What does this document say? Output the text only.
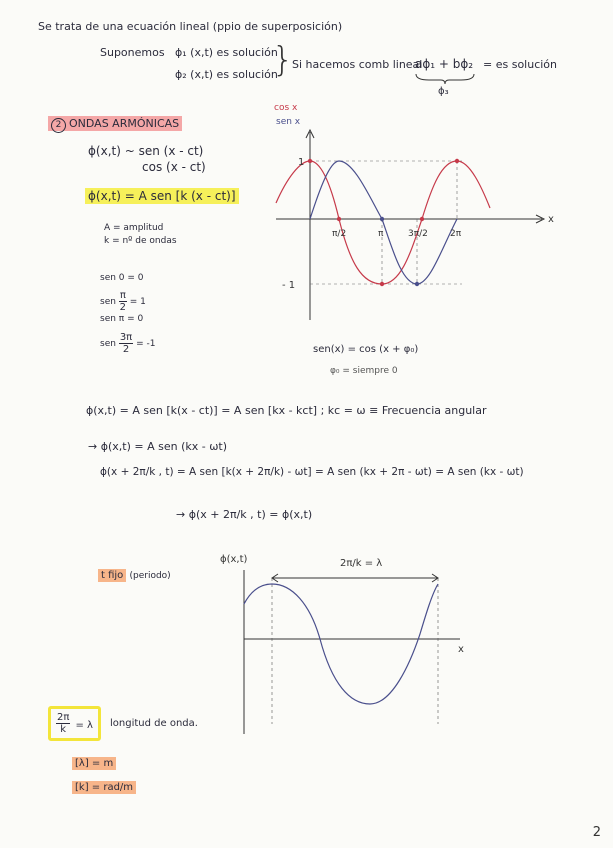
Se trata de una ecuación lineal (ppio de superposición)
Suponemos ϕ₁ (x,t) es solución
ϕ₂ (x,t) es solución
}
Si hacemos comb lineal
aϕ₁ + bϕ₂ = es solución
ϕ₃
2 ONDAS ARMÓNICAS
ϕ(x,t) ~ sen (x - ct)
cos (x - ct)
ϕ(x,t) = A sen [k (x - ct)]
A = amplitud
k = nº de ondas
sen 0 = 0
sen $\frac{\pi}{2} = 1$
sen π = 0
sen $\frac{3\pi}{2} = -1$
cos x
sen x
x
1
- 1
π/2	π	3π/2 2π
sen(x) = cos (x + φ₀)
φ₀ = siempre 0
ϕ(x,t) = A sen [k(x - ct)] = A sen [kx - kct] ; kc = ω ≡ Frecuencia angular
→ ϕ(x,t) = A sen (kx - ωt)
ϕ(x + 2π/k , t) = A sen [k(x + 2π/k) - ωt] = A sen (kx + 2π - ωt) = A sen (kx - ωt)
→ ϕ(x + 2π/k , t) = ϕ(x,t)
t fijo (periodo)
ϕ(x,t)
x
2π/k = λ
$\frac{2\pi}{k} = \lambda$	longitud de onda.
[λ] = m
[k] = rad/m
2
